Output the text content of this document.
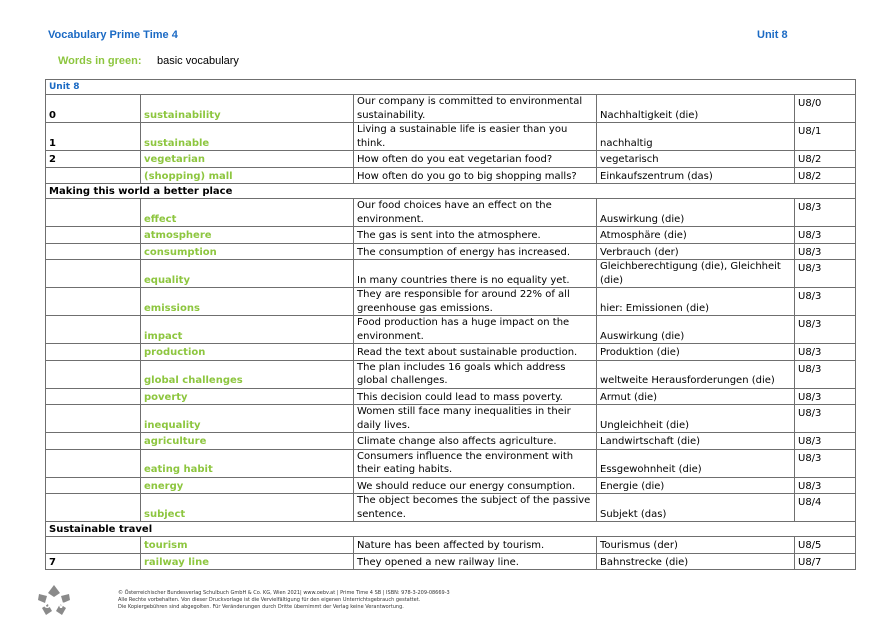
Vocabulary Prime Time 4	Unit 8
Words in green: basic vocabulary
Unit 8				
0	sustainability	Our company is committed to environmental sustainability.	Nachhaltigkeit (die)	U8/0
1	sustainable	Living a sustainable life is easier than you think.	nachhaltig	U8/1
2	vegetarian	How often do you eat vegetarian food?	vegetarisch	U8/2
	(shopping) mall	How often do you go to big shopping malls?	Einkaufszentrum (das)	U8/2
Making this world a better place				
	effect	Our food choices have an effect on the environment.	Auswirkung (die)	U8/3
	atmosphere	The gas is sent into the atmosphere.	Atmosphäre (die)	U8/3
	consumption	The consumption of energy has increased.	Verbrauch (der)	U8/3
	equality	In many countries there is no equality yet.	Gleichberechtigung (die), Gleichheit (die)	U8/3
	emissions	They are responsible for around 22% of all greenhouse gas emissions.	hier: Emissionen (die)	U8/3
	impact	Food production has a huge impact on the environment.	Auswirkung (die)	U8/3
	production	Read the text about sustainable production.	Produktion (die)	U8/3
	global challenges	The plan includes 16 goals which address global challenges.	weltweite Herausforderungen (die)	U8/3
	poverty	This decision could lead to mass poverty.	Armut (die)	U8/3
	inequality	Women still face many inequalities in their daily lives.	Ungleichheit (die)	U8/3
	agriculture	Climate change also affects agriculture.	Landwirtschaft (die)	U8/3
	eating habit	Consumers influence the environment with their eating habits.	Essgewohnheit (die)	U8/3
	energy	We should reduce our energy consumption.	Energie (die)	U8/3
	subject	The object becomes the subject of the passive sentence.	Subjekt (das)	U8/4
Sustainable travel				
	tourism	Nature has been affected by tourism.	Tourismus (der)	U8/5
7	railway line	They opened a new railway line.	Bahnstrecke (die)	U8/7
öbv
© Österreichischer Bundesverlag Schulbuch GmbH & Co. KG, Wien 2021| www.oebv.at | Prime Time 4 SB | ISBN: 978-3-209-08669-3
Alle Rechte vorbehalten. Von dieser Druckvorlage ist die Vervielfältigung für den eigenen Unterrichtsgebrauch gestattet.
Die Kopiergebühren sind abgegolten. Für Veränderungen durch Dritte übernimmt der Verlag keine Verantwortung.
